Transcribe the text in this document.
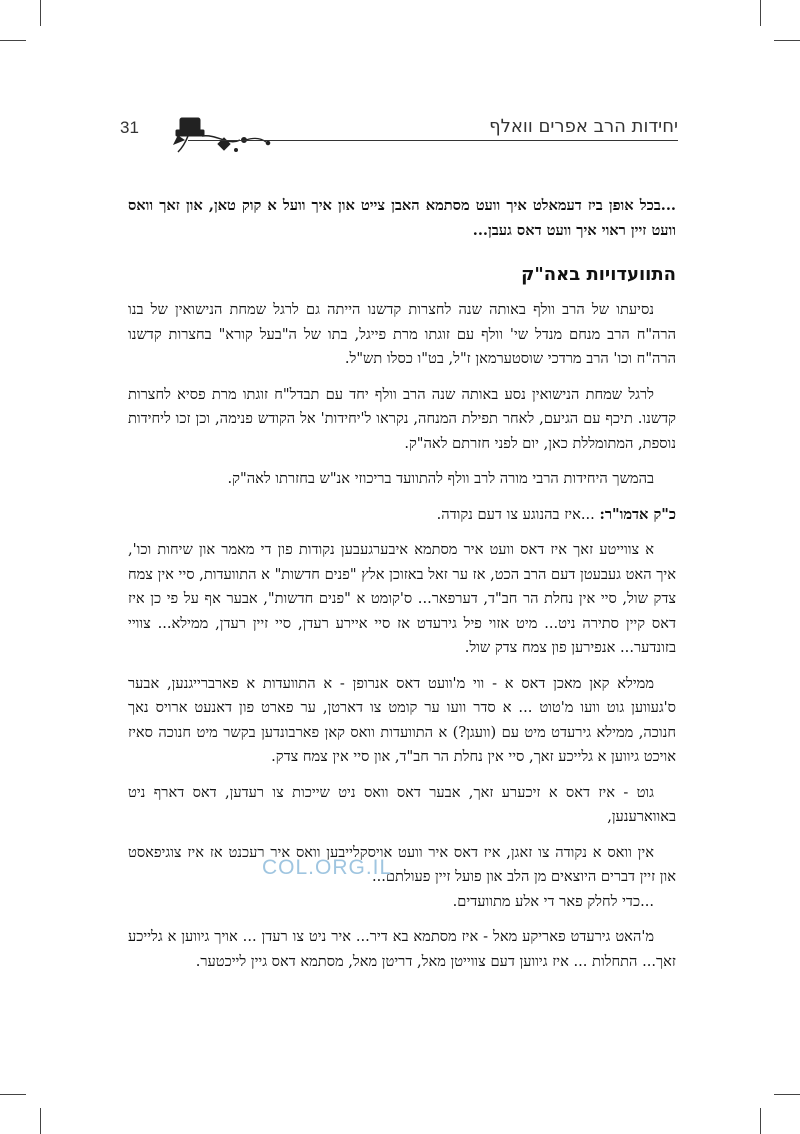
31	יחידות הרב אפרים וואלף

...בכל אופן ביז דעמאלט איך וועט מסתמא האבן צייט און איך וועל א קוק טאן, און זאך וואס וועט זיין ראוי איך וועט דאס געבן...

התוועדויות באה"ק

נסיעתו של הרב וולף באותה שנה לחצרות קדשנו הייתה גם לרגל שמחת הנישואין של בנו הרה"ח הרב מנחם מנדל שי' וולף עם זוגתו מרת פייגל, בתו של ה"בעל קורא" בחצרות קדשנו הרה"ח וכו' הרב מרדכי שוסטערמאן ז"ל, בט"ו כסלו תש"ל.

לרגל שמחת הנישואין נסע באותה שנה הרב וולף יחד עם תבדל"ח זוגתו מרת פסיא לחצרות קדשנו. תיכף עם הגיעם, לאחר תפילת המנחה, נקראו ל'יחידות' אל הקודש פנימה, וכן זכו ליחידות נוספת, המתומללת כאן, יום לפני חזרתם לאה"ק.

בהמשך היחידות הרבי מורה לרב וולף להתוועד בריכוזי אנ"ש בחזרתו לאה"ק.

כ"ק אדמו"ר: ...איז בהנוגע צו דעם נקודה.

א צווייטע זאך איז דאס וועט איר מסתמא איבערגעבען נקודות פון די מאמר און שיחות וכו', איך האט געבעטן דעם הרב הכט, אז ער זאל באזוכן אלץ "פנים חדשות" א התוועדות, סיי אין צמח צדק שול, סיי אין נחלת הר חב"ד, דערפאר... ס'קומט א "פנים חדשות", אבער אף על פי כן איז דאס קיין סתירה ניט... מיט אזוי פיל גירעדט אז סיי איירע רעדן, סיי זיין רעדן, ממילא... צוויי בזונדער... אנפירען פון צמח צדק שול.

ממילא קאן מאכן דאס א - ווי מ'וועט דאס אנרופן - א התוועדות א פארברייגנען, אבער ס'געווען גוט וועו מ'טוט ... א סדר וועו ער קומט צו דארטן, ער פארט פון דאנעט ארויס נאך חנוכה, ממילא גירעדט מיט עם (וועגן?) א התוועדות וואס קאן פארבונדען בקשר מיט חנוכה סאיז אויכט גיווען א גלייכע זאך, סיי אין נחלת הר חב"ד, און סיי אין צמח צדק.

גוט - איז דאס א זיכערע זאך, אבער דאס וואס ניט שייכות צו רעדען, דאס דארף ניט באווארענען,

אין וואס א נקודה צו זאגן, איז דאס איר וועט אויסקלייבען וואס איר רעכנט אז איז צוגיפאסט און זיין דברים היוצאים מן הלב און פועל זיין פעולתם...

...כדי לחלק פאר די אלע מתוועדים.

מ'האט גירעדט פאריקע מאל - איז מסתמא בא דיר... איר ניט צו רעדן ... אויך גיווען א גלייכע זאך... התחלות ... איז גיווען דעם צווייטן מאל, דריטן מאל, מסתמא דאס גיין לייכטער.

COL.ORG.IL
